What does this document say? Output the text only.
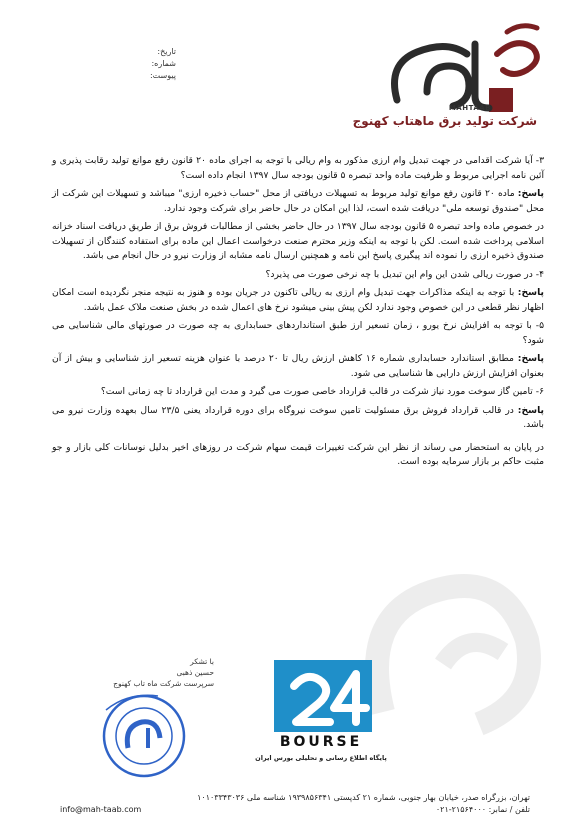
تاریخ:
شماره:
پیوست:
MAHTAAB
شرکت تولید برق ماهتاب کهنوج

۳- آیا شرکت اقدامی در جهت تبدیل وام ارزی مذکور به وام ریالی با توجه به اجرای ماده ۲۰ قانون رفع موانع تولید رقابت پذیری و آئین نامه اجرایی مربوط و ظرفیت ماده واحد تبصره ۵ قانون بودجه سال ۱۳۹۷ انجام داده است؟

پاسخ: ماده ۲۰ قانون رفع موانع تولید مربوط به تسهیلات دریافتی از محل "حساب ذخیره ارزی" میباشد و تسهیلات این شرکت از محل "صندوق توسعه ملی" دریافت شده است، لذا این امکان در حال حاضر برای شرکت وجود ندارد.

در خصوص ماده واحد تبصره ۵ قانون بودجه سال ۱۳۹۷ در حال حاضر بخشی از مطالبات فروش برق از طریق دریافت اسناد خزانه اسلامی پرداخت شده است. لکن با توجه به اینکه وزیر محترم صنعت درخواست اعمال این ماده برای استفاده کنندگان از تسهیلات صندوق ذخیره ارزی را نموده اند پیگیری پاسخ این نامه و همچنین ارسال نامه مشابه از وزارت نیرو در حال انجام می باشد.

۴- در صورت ریالی شدن این وام این تبدیل با چه نرخی صورت می پذیرد؟

پاسخ: با توجه به اینکه مذاکرات جهت تبدیل وام ارزی به ریالی تاکنون در جریان بوده و هنوز به نتیجه منجر نگردیده است امکان اظهار نظر قطعی در این خصوص وجود ندارد لکن پیش بینی میشود نرخ های اعمال شده در بخش صنعت ملاک عمل باشد.

۵- با توجه به افزایش نرخ یورو ، زمان تسعیر ارز طبق استانداردهای حسابداری به چه صورت در صورتهای مالی شناسایی می شود؟

پاسخ: مطابق استاندارد حسابداری شماره ۱۶ کاهش ارزش ریال تا ۲۰ درصد با عنوان هزینه تسعیر ارز شناسایی و بیش از آن بعنوان افزایش ارزش دارایی ها شناسایی می شود.

۶- تامین گاز سوخت مورد نیاز شرکت در قالب قرارداد خاصی صورت می گیرد و مدت این قرارداد تا چه زمانی است؟

پاسخ: در قالب قرارداد فروش برق مسئولیت تامین سوخت نیروگاه برای دوره قرارداد یعنی ۲۳/۵ سال بعهده وزارت نیرو می باشد.

در پایان به استحضار می رساند از نظر این شرکت تغییرات قیمت سهام شرکت در روزهای اخیر بدلیل نوسانات کلی بازار و جو مثبت حاکم بر بازار سرمایه بوده است.

با تشکر
حسین ذهبی
سرپرست شرکت ماه تاب کهنوج
BOURSE
پایگاه اطلاع رسانی و تحلیلی بورس ایران
تهران، بزرگراه صدر، خیابان بهار جنوبی، شماره ۲۱ کدپستی ۱۹۳۹۸۵۶۳۴۱ شناسه ملی ۱۰۱۰۳۳۴۳۰۳۶
تلفن / نمابر: ۲۱۵۶۴۰۰۰-۰۲۱
info@mah-taab.com
